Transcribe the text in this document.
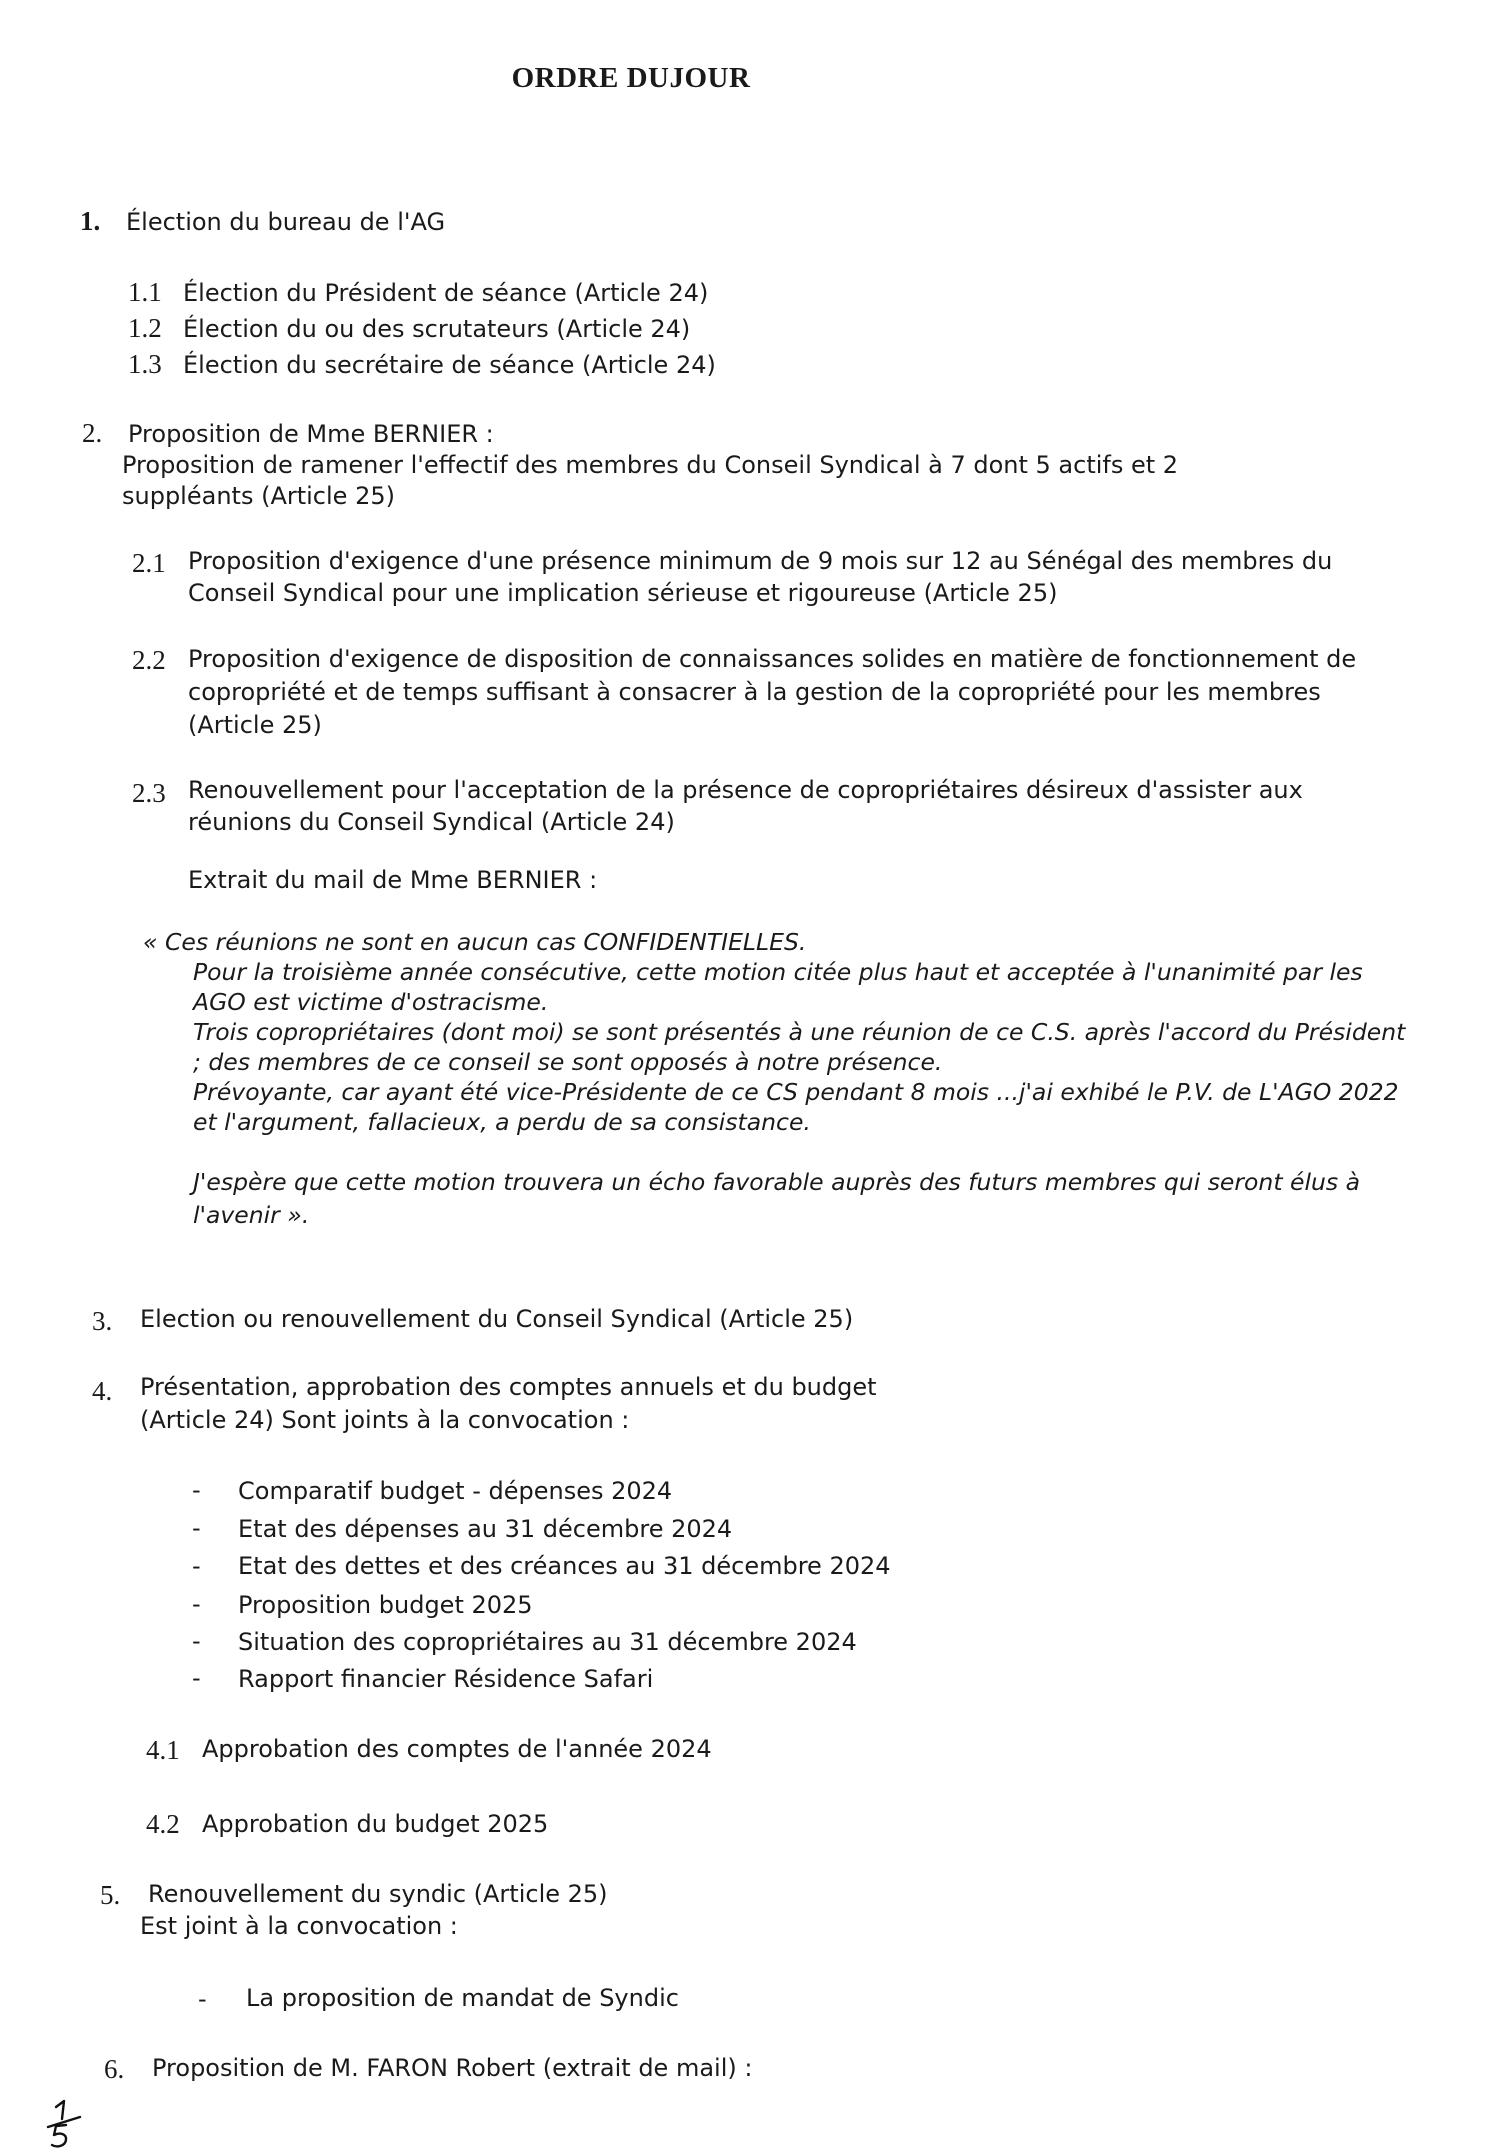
ORDRE DUJOUR
1. Élection du bureau de l'AG
1.1 Élection du Président de séance (Article 24)
1.2 Élection du ou des scrutateurs (Article 24)
1.3 Élection du secrétaire de séance (Article 24)
2. Proposition de Mme BERNIER :
Proposition de ramener l'effectif des membres du Conseil Syndical à 7 dont 5 actifs et 2
suppléants (Article 25)
2.1 Proposition d'exigence d'une présence minimum de 9 mois sur 12 au Sénégal des membres du
Conseil Syndical pour une implication sérieuse et rigoureuse (Article 25)
2.2 Proposition d'exigence de disposition de connaissances solides en matière de fonctionnement de
copropriété et de temps suffisant à consacrer à la gestion de la copropriété pour les membres
(Article 25)
2.3 Renouvellement pour l'acceptation de la présence de copropriétaires désireux d'assister aux
réunions du Conseil Syndical (Article 24)
Extrait du mail de Mme BERNIER :
« Ces réunions ne sont en aucun cas CONFIDENTIELLES.
Pour la troisième année consécutive, cette motion citée plus haut et acceptée à l'unanimité par les
AGO est victime d'ostracisme.
Trois copropriétaires (dont moi) se sont présentés à une réunion de ce C.S. après l'accord du Président
; des membres de ce conseil se sont opposés à notre présence.
Prévoyante, car ayant été vice-Présidente de ce CS pendant 8 mois ...j'ai exhibé le P.V. de L'AGO 2022
et l'argument, fallacieux, a perdu de sa consistance.
J'espère que cette motion trouvera un écho favorable auprès des futurs membres qui seront élus à
l'avenir ».
3. Election ou renouvellement du Conseil Syndical (Article 25)
4. Présentation, approbation des comptes annuels et du budget
(Article 24) Sont joints à la convocation :
- Comparatif budget - dépenses 2024
- Etat des dépenses au 31 décembre 2024
- Etat des dettes et des créances au 31 décembre 2024
- Proposition budget 2025
- Situation des copropriétaires au 31 décembre 2024
- Rapport financier Résidence Safari
4.1 Approbation des comptes de l'année 2024
4.2 Approbation du budget 2025
5. Renouvellement du syndic (Article 25)
Est joint à la convocation :
- La proposition de mandat de Syndic
6. Proposition de M. FARON Robert (extrait de mail) :
